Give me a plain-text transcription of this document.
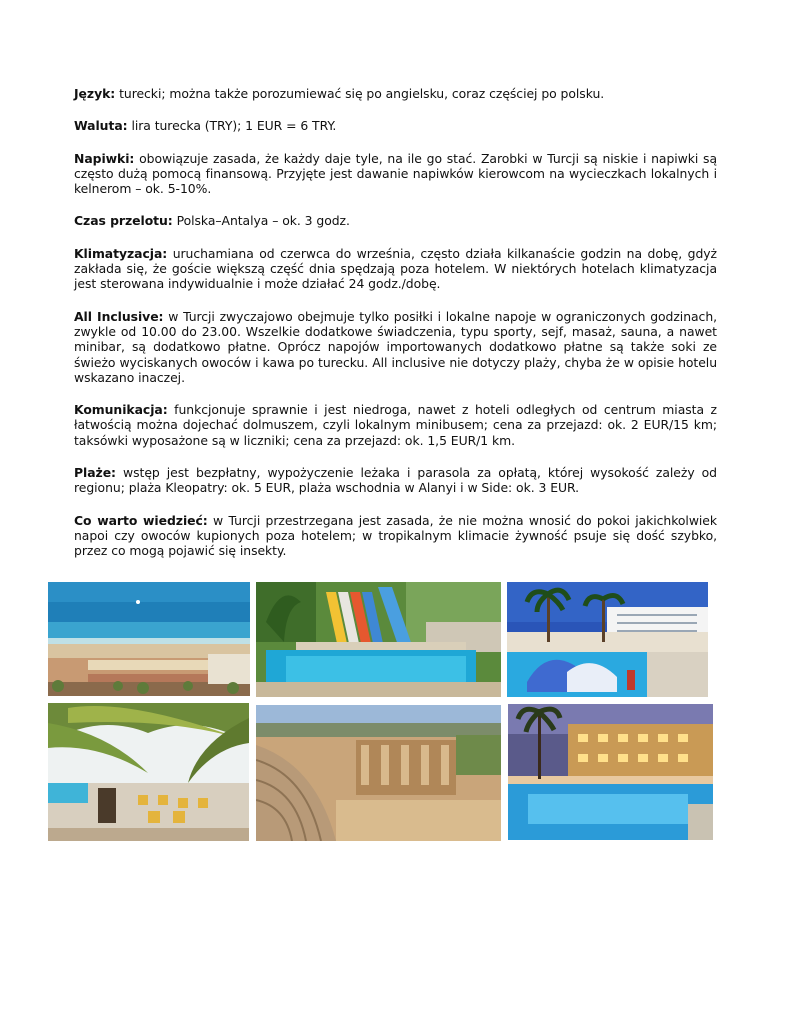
Język: turecki; można także porozumiewać się po angielsku, coraz częściej po polsku.

Waluta: lira turecka (TRY); 1 EUR = 6 TRY.

Napiwki: obowiązuje zasada, że każdy daje tyle, na ile go stać. Zarobki w Turcji są niskie i napiwki są często dużą pomocą finansową. Przyjęte jest dawanie napiwków kierowcom na wycieczkach lokalnych i kelnerom – ok. 5-10%.

Czas przelotu: Polska–Antalya – ok. 3 godz.

Klimatyzacja: uruchamiana od czerwca do września, często działa kilkanaście godzin na dobę, gdyż zakłada się, że goście większą część dnia spędzają poza hotelem. W niektórych hotelach klimatyzacja jest sterowana indywidualnie i może działać 24 godz./dobę.

All Inclusive: w Turcji zwyczajowo obejmuje tylko posiłki i lokalne napoje w ograniczonych godzinach, zwykle od 10.00 do 23.00. Wszelkie dodatkowe świadczenia, typu sporty, sejf, masaż, sauna, a nawet minibar, są dodatkowo płatne. Oprócz napojów importowanych dodatkowo płatne są także soki ze świeżo wyciskanych owoców i kawa po turecku. All inclusive nie dotyczy plaży, chyba że w opisie hotelu wskazano inaczej.

Komunikacja: funkcjonuje sprawnie i jest niedroga, nawet z hoteli odległych od centrum miasta z łatwością można dojechać dolmuszem, czyli lokalnym minibusem; cena za przejazd: ok. 2 EUR/15 km; taksówki wyposażone są w liczniki; cena za przejazd: ok. 1,5 EUR/1 km.

Plaże: wstęp jest bezpłatny, wypożyczenie leżaka i parasola za opłatą, której wysokość zależy od regionu; plaża Kleopatry: ok. 5 EUR, plaża wschodnia w Alanyi i w Side: ok. 3 EUR.

Co warto wiedzieć: w Turcji przestrzegana jest zasada, że nie można wnosić do pokoi jakichkolwiek napoi czy owoców kupionych poza hotelem; w tropikalnym klimacie żywność psuje się dość szybko, przez co mogą pojawić się insekty.
